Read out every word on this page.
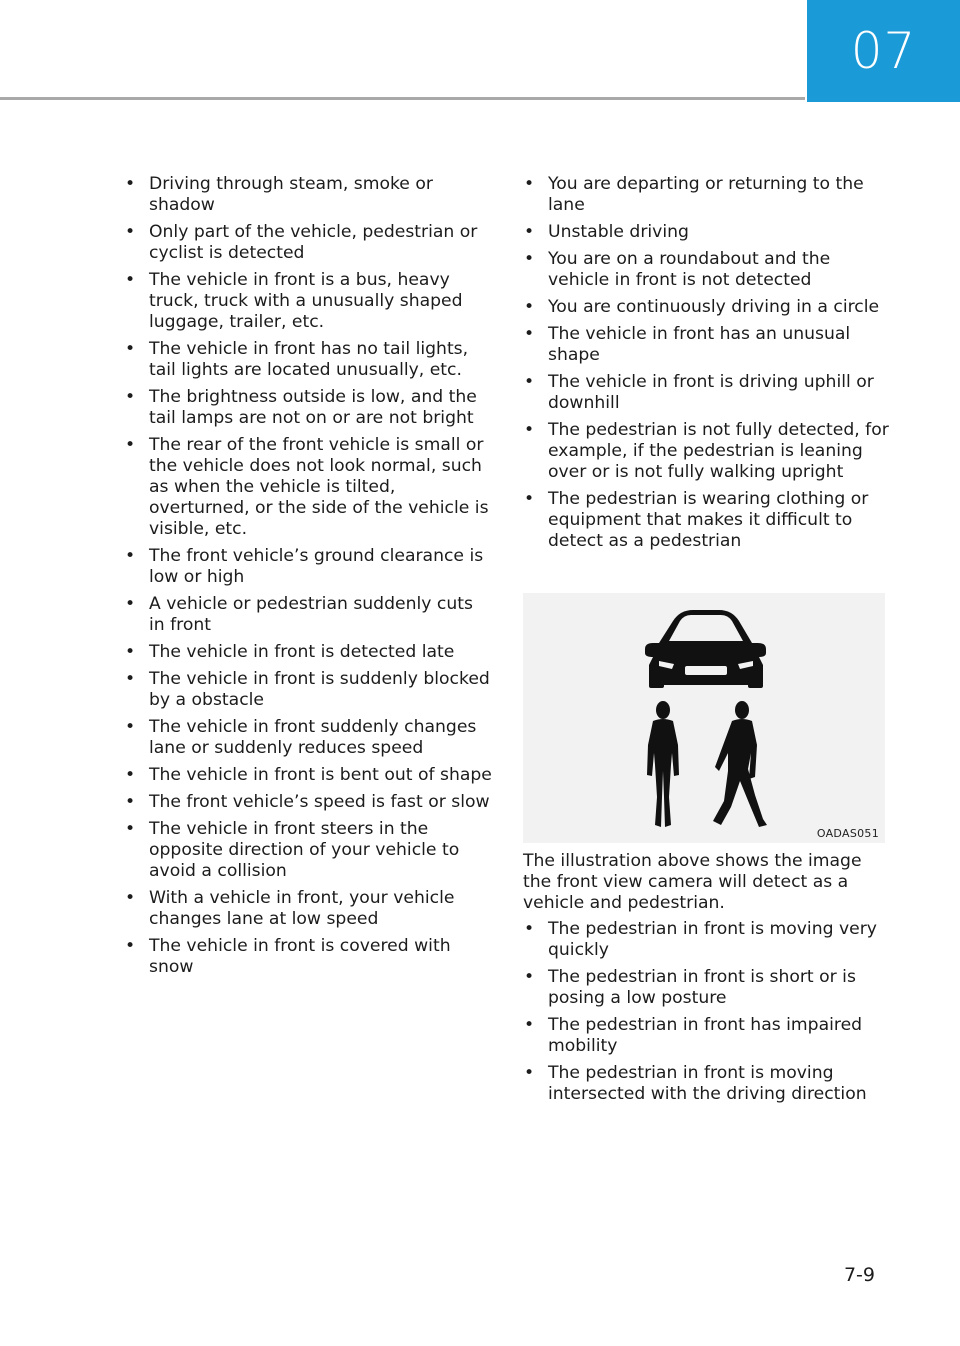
07
• Driving through steam, smoke or shadow
• Only part of the vehicle, pedestrian or cyclist is detected
• The vehicle in front is a bus, heavy truck, truck with a unusually shaped luggage, trailer, etc.
• The vehicle in front has no tail lights, tail lights are located unusually, etc.
• The brightness outside is low, and the tail lamps are not on or are not bright
• The rear of the front vehicle is small or the vehicle does not look normal, such as when the vehicle is tilted, overturned, or the side of the vehicle is visible, etc.
• The front vehicle’s ground clearance is low or high
• A vehicle or pedestrian suddenly cuts in front
• The vehicle in front is detected late
• The vehicle in front is suddenly blocked by a obstacle
• The vehicle in front suddenly changes lane or suddenly reduces speed
• The vehicle in front is bent out of shape
• The front vehicle’s speed is fast or slow
• The vehicle in front steers in the opposite direction of your vehicle to avoid a collision
• With a vehicle in front, your vehicle changes lane at low speed
• The vehicle in front is covered with snow
• You are departing or returning to the lane
• Unstable driving
• You are on a roundabout and the vehicle in front is not detected
• You are continuously driving in a circle
• The vehicle in front has an unusual shape
• The vehicle in front is driving uphill or downhill
• The pedestrian is not fully detected, for example, if the pedestrian is leaning over or is not fully walking upright
• The pedestrian is wearing clothing or equipment that makes it difficult to detect as a pedestrian
OADAS051
The illustration above shows the image the front view camera will detect as a vehicle and pedestrian.
• The pedestrian in front is moving very quickly
• The pedestrian in front is short or is posing a low posture
• The pedestrian in front has impaired mobility
• The pedestrian in front is moving intersected with the driving direction
7-9
